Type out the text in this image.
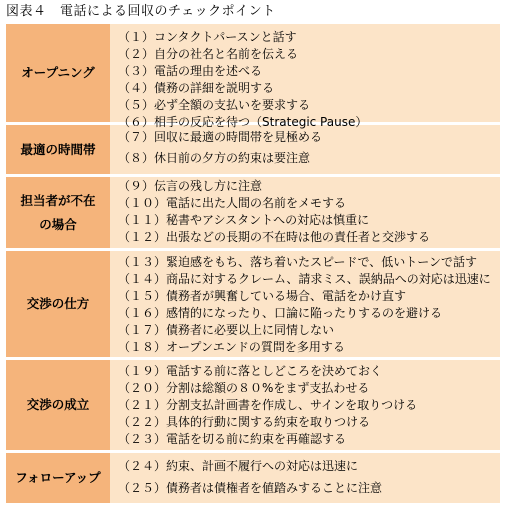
図表４　電話による回収のチェックポイント
オープニング
（１）コンタクトパースンと話す
（２）自分の社名と名前を伝える
（３）電話の理由を述べる
（４）債務の詳細を説明する
（５）必ず全額の支払いを要求する
（６）相手の反応を待つ（Strategic Pause）
最適の時間帯
（７）回収に最適の時間帯を見極める
（８）休日前の夕方の約束は要注意
担当者が不在の場合
（９）伝言の残し方に注意
（１０）電話に出た人間の名前をメモする
（１１）秘書やアシスタントへの対応は慎重に
（１２）出張などの長期の不在時は他の責任者と交渉する
交渉の仕方
（１３）緊迫感をもち、落ち着いたスピードで、低いトーンで話す
（１４）商品に対するクレーム、請求ミス、誤納品への対応は迅速に
（１５）債務者が興奮している場合、電話をかけ直す
（１６）感情的になったり、口論に陥ったりするのを避ける
（１７）債務者に必要以上に同情しない
（１８）オープンエンドの質問を多用する
交渉の成立
（１９）電話する前に落としどころを決めておく
（２０）分割は総額の８０%をまず支払わせる
（２１）分割支払計画書を作成し、サインを取りつける
（２２）具体的行動に関する約束を取りつける
（２３）電話を切る前に約束を再確認する
フォローアップ
（２４）約束、計画不履行への対応は迅速に
（２５）債務者は債権者を値踏みすることに注意
